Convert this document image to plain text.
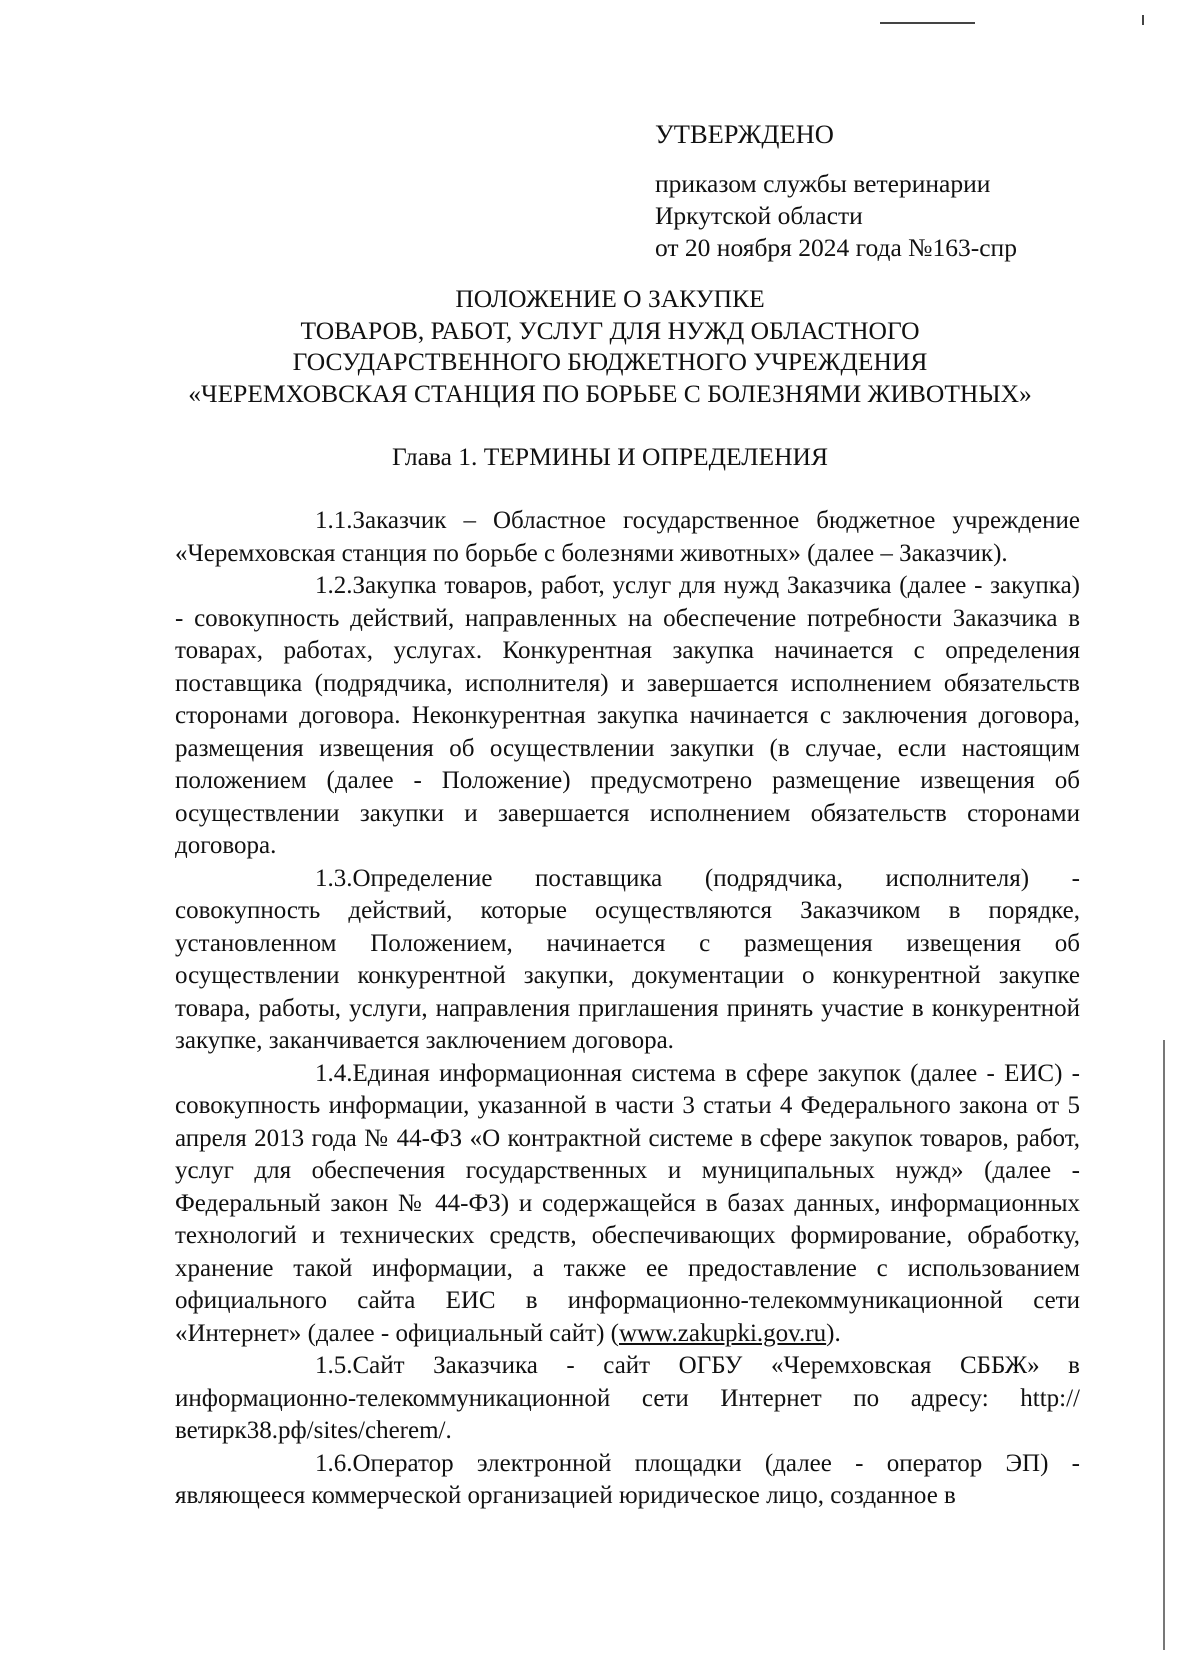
УТВЕРЖДЕНО
приказом службы ветеринарии
Иркутской области
от 20 ноября 2024 года №163-спр
ПОЛОЖЕНИЕ О ЗАКУПКЕ
ТОВАРОВ, РАБОТ, УСЛУГ ДЛЯ НУЖД ОБЛАСТНОГО
ГОСУДАРСТВЕННОГО БЮДЖЕТНОГО УЧРЕЖДЕНИЯ
«ЧЕРЕМХОВСКАЯ СТАНЦИЯ ПО БОРЬБЕ С БОЛЕЗНЯМИ ЖИВОТНЫХ»
Глава 1. ТЕРМИНЫ И ОПРЕДЕЛЕНИЯ

1.1.Заказчик – Областное государственное бюджетное учреждение «Черемховская станция по борьбе с болезнями животных» (далее – Заказчик).

1.2.Закупка товаров, работ, услуг для нужд Заказчика (далее - закупка) - совокупность действий, направленных на обеспечение потребности Заказчика в товарах, работах, услугах. Конкурентная закупка начинается с определения поставщика (подрядчика, исполнителя) и завершается исполнением обязательств сторонами договора. Неконкурентная закупка начинается с заключения договора, размещения извещения об осуществлении закупки (в случае, если настоящим положением (далее - Положение) предусмотрено размещение извещения об осуществлении закупки и завершается исполнением обязательств сторонами договора.

1.3.Определение поставщика (подрядчика, исполнителя) - совокупность действий, которые осуществляются Заказчиком в порядке, установленном Положением, начинается с размещения извещения об осуществлении конкурентной закупки, документации о конкурентной закупке товара, работы, услуги, направления приглашения принять участие в конкурентной закупке, заканчивается заключением договора.

1.4.Единая информационная система в сфере закупок (далее - ЕИС) - совокупность информации, указанной в части 3 статьи 4 Федерального закона от 5 апреля 2013 года № 44-ФЗ «О контрактной системе в сфере закупок товаров, работ, услуг для обеспечения государственных и муниципальных нужд» (далее - Федеральный закон № 44-ФЗ) и содержащейся в базах данных, информационных технологий и технических средств, обеспечивающих формирование, обработку, хранение такой информации, а также ее предоставление с использованием официального сайта ЕИС в информационно-телекоммуникационной сети «Интернет» (далее - официальный сайт) (www.zakupki.gov.ru).

1.5.Сайт Заказчика - сайт ОГБУ «Черемховская СББЖ» в информационно-телекоммуникационной сети Интернет по адресу: http:// ветирк38.рф/sites/cherem/.

1.6.Оператор электронной площадки (далее - оператор ЭП) - являющееся коммерческой организацией юридическое лицо, созданное в
